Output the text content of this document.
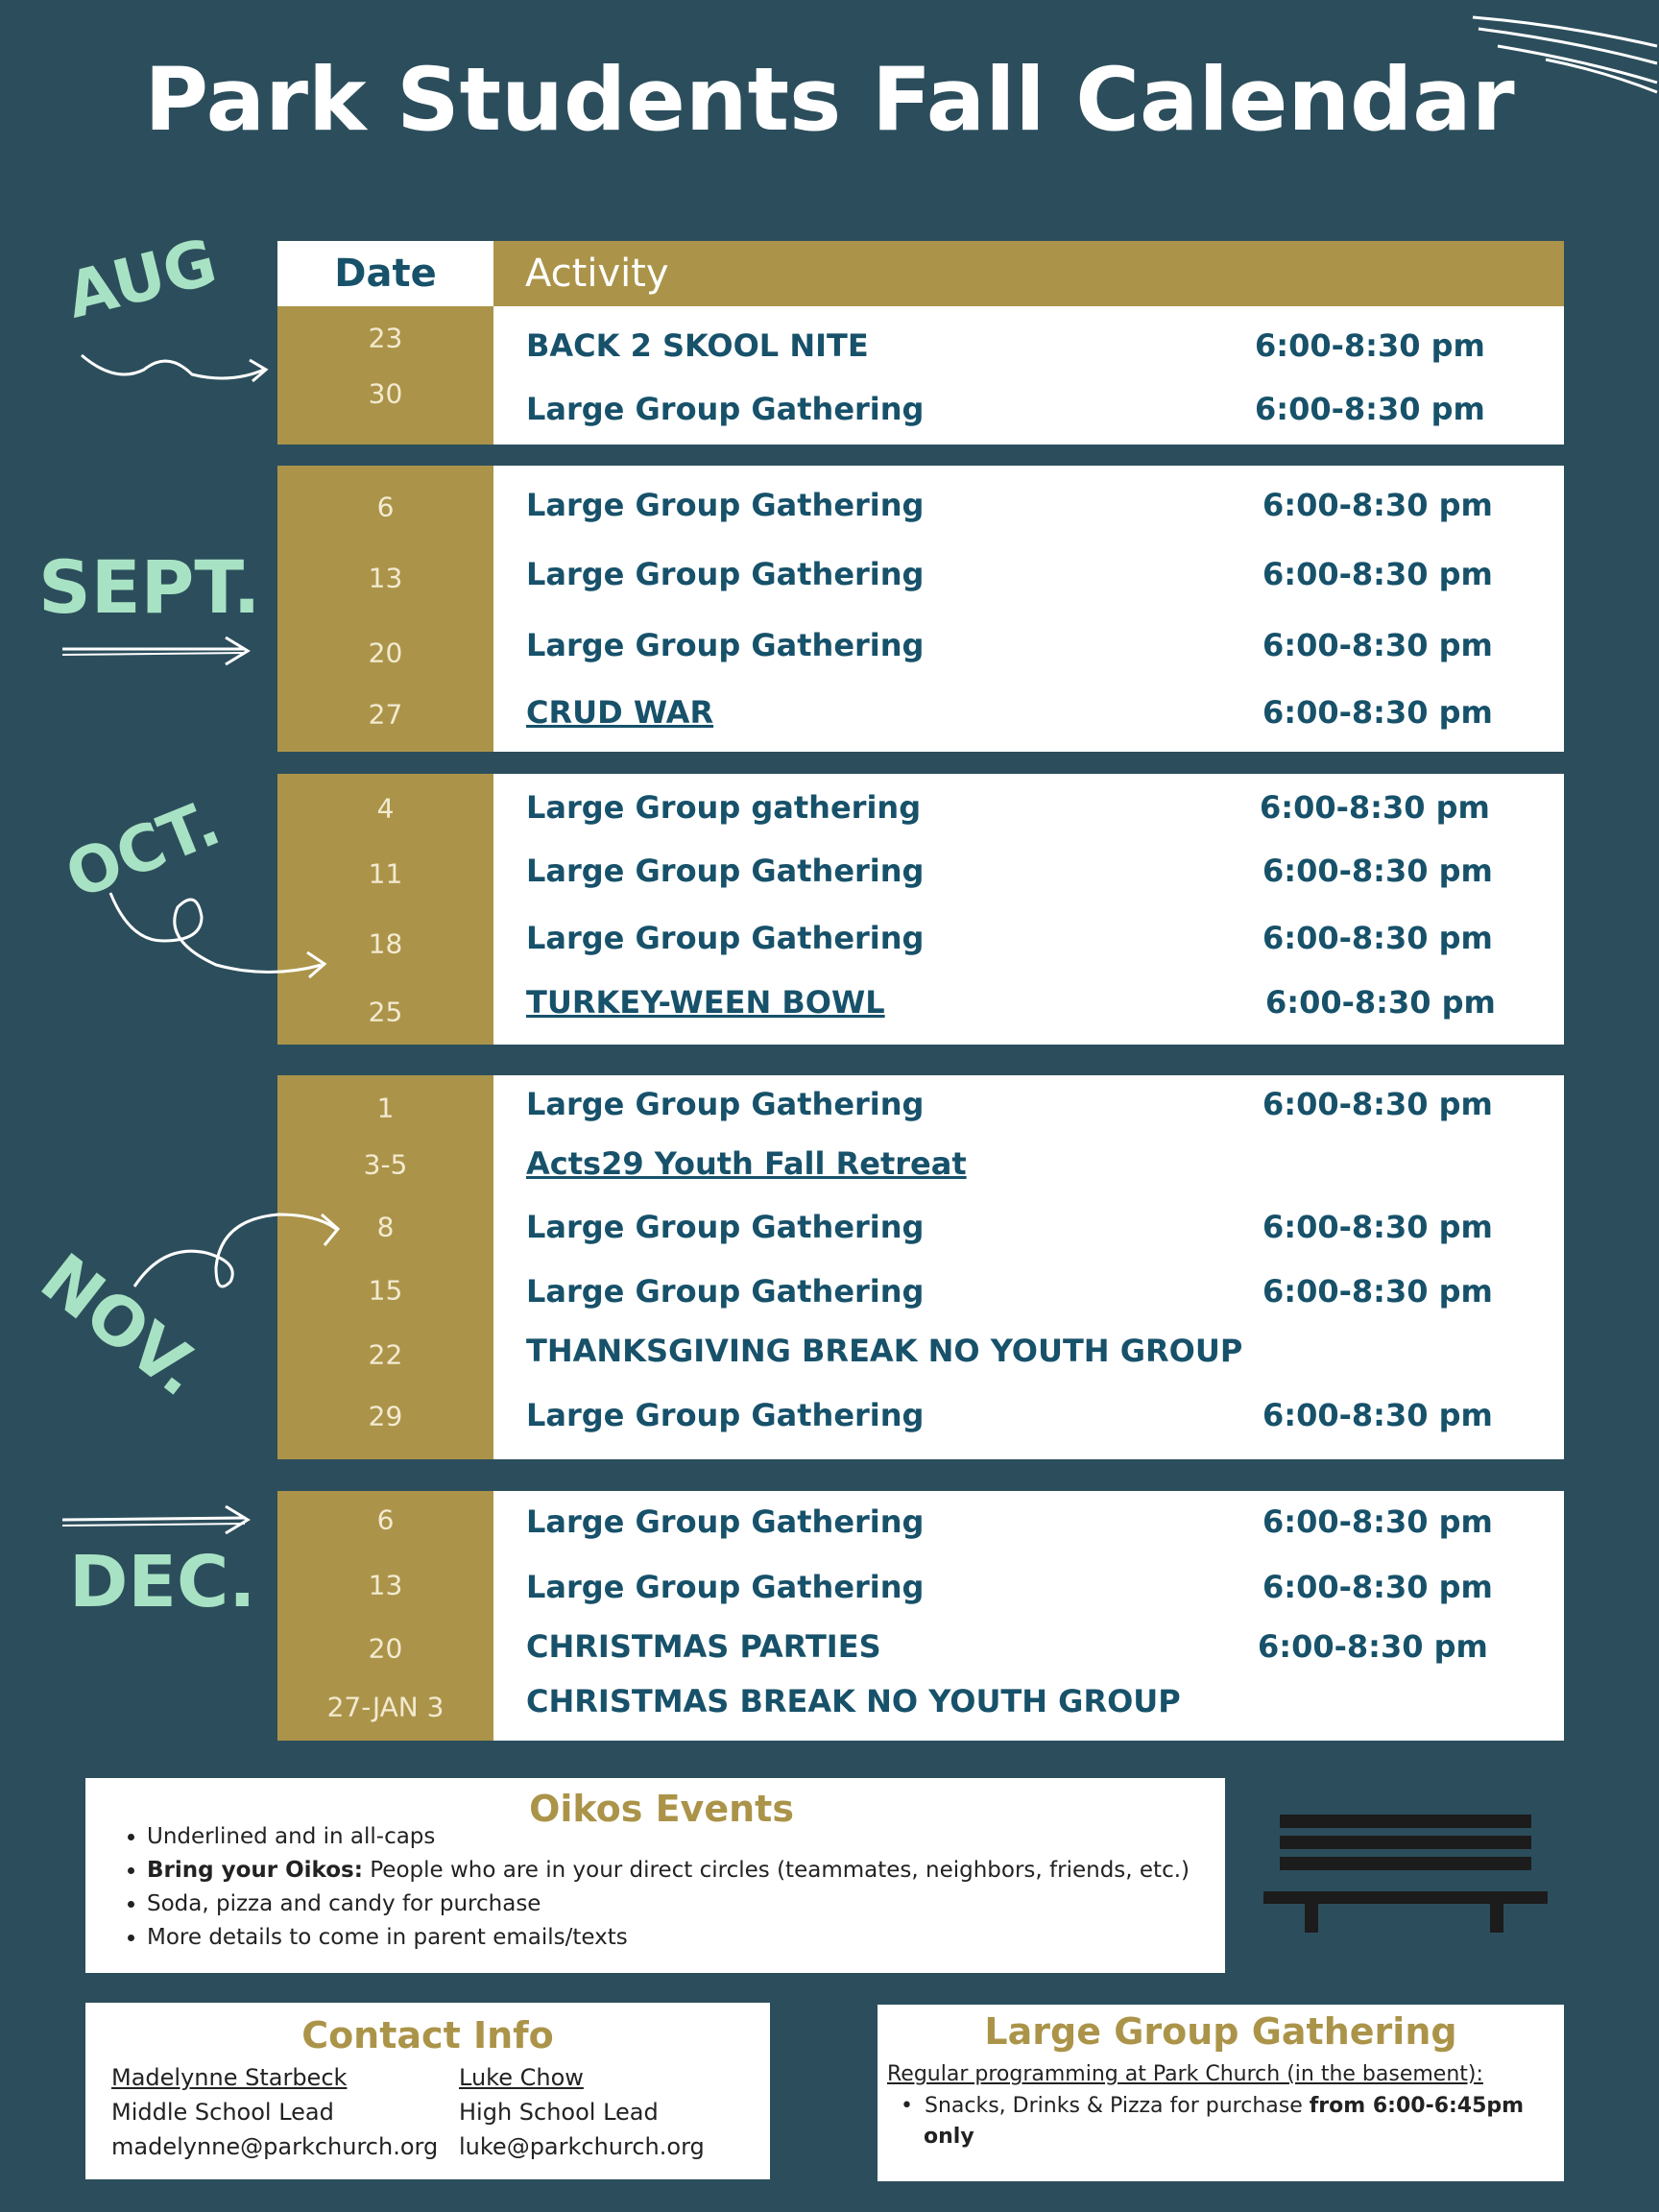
Park Students Fall Calendar
Date	Activity
AUG
SEPT.
OCT.
NOV.
DEC.
23	BACK 2 SKOOL NITE	6:00-8:30 pm
30	Large Group Gathering	6:00-8:30 pm
6	Large Group Gathering	6:00-8:30 pm
13	Large Group Gathering	6:00-8:30 pm
20	Large Group Gathering	6:00-8:30 pm
27	CRUD WAR	6:00-8:30 pm
4	Large Group gathering	6:00-8:30 pm
11	Large Group Gathering	6:00-8:30 pm
18	Large Group Gathering	6:00-8:30 pm
25	TURKEY-WEEN BOWL	6:00-8:30 pm
1	Large Group Gathering	6:00-8:30 pm
3-5	Acts29 Youth Fall Retreat
8	Large Group Gathering	6:00-8:30 pm
15	Large Group Gathering	6:00-8:30 pm
22	THANKSGIVING BREAK NO YOUTH GROUP
29	Large Group Gathering	6:00-8:30 pm
6	Large Group Gathering	6:00-8:30 pm
13	Large Group Gathering	6:00-8:30 pm
20	CHRISTMAS PARTIES	6:00-8:30 pm
27-JAN 3	CHRISTMAS BREAK NO YOUTH GROUP
Oikos Events
• Underlined and in all-caps
• Bring your Oikos: People who are in your direct circles (teammates, neighbors, friends, etc.)
• Soda, pizza and candy for purchase
• More details to come in parent emails/texts
Contact Info
Madelynne Starbeck
Middle School Lead
madelynne@parkchurch.org
Luke Chow
High School Lead
luke@parkchurch.org
Large Group Gathering
Regular programming at Park Church (in the basement):
• Snacks, Drinks & Pizza for purchase from 6:00-6:45pm
only
